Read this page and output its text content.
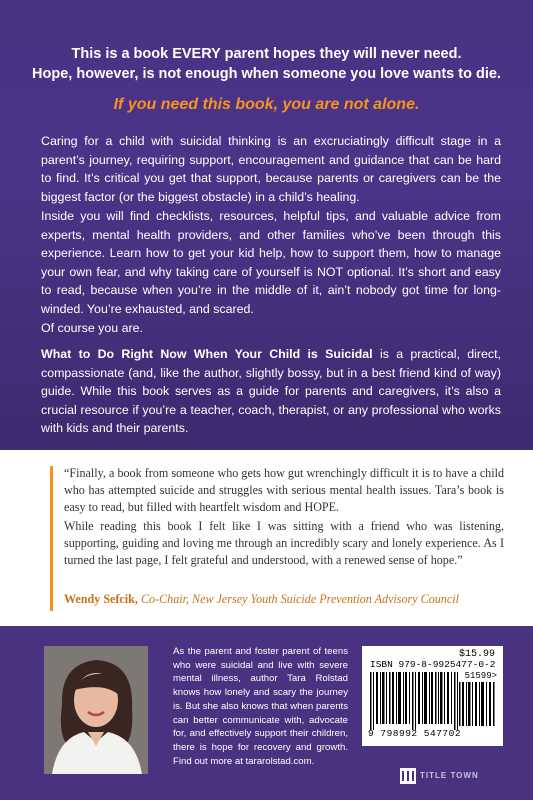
This is a book EVERY parent hopes they will never need.
Hope, however, is not enough when someone you love wants to die.
If you need this book, you are not alone.
Caring for a child with suicidal thinking is an excruciatingly difficult stage in a parent’s journey, requiring support, encouragement and guidance that can be hard to find. It’s critical you get that support, because parents or caregivers can be the biggest factor (or the biggest obstacle) in a child’s healing.
Inside you will find checklists, resources, helpful tips, and valuable advice from experts, mental health providers, and other families who’ve been through this experience. Learn how to get your kid help, how to support them, how to manage your own fear, and why taking care of yourself is NOT optional. It’s short and easy to read, because when you’re in the middle of it, ain’t nobody got time for long-winded. You’re exhausted, and scared.
Of course you are.
What to Do Right Now When Your Child is Suicidal is a practical, direct, compassionate (and, like the author, slightly bossy, but in a best friend kind of way) guide. While this book serves as a guide for parents and caregivers, it’s also a crucial resource if you’re a teacher, coach, therapist, or any professional who works with kids and their parents.
“Finally, a book from someone who gets how gut wrenchingly difficult it is to have a child who has attempted suicide and struggles with serious mental health issues. Tara’s book is easy to read, but filled with heartfelt wisdom and HOPE.
While reading this book I felt like I was sitting with a friend who was listening, supporting, guiding and loving me through an incredibly scary and lonely experience. As I turned the last page, I felt grateful and understood, with a renewed sense of hope.”
Wendy Sefcik, Co-Chair, New Jersey Youth Suicide Prevention Advisory Council
As the parent and foster parent of teens who were suicidal and live with severe mental illness, author Tara Rolstad knows how lonely and scary the journey is. But she also knows that when parents can better communicate with, advocate for, and effectively support their children, there is hope for recovery and growth. Find out more at tararolstad.com.
$15.99
ISBN 979-8-9925477-0-2
51599>
9 798992 547702
TITLE TOWN
